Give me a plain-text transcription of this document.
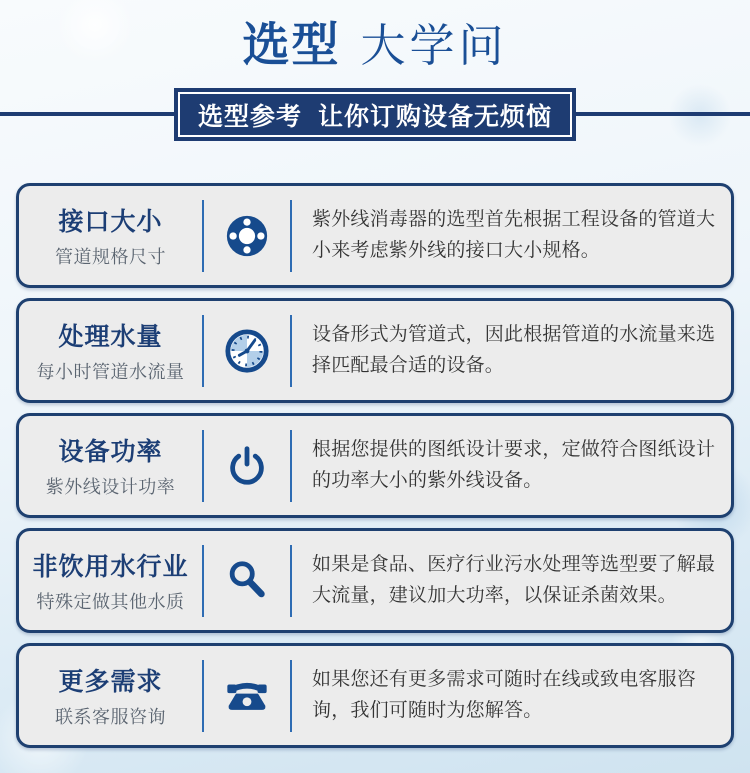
选型 大学问
选型参考  让你订购设备无烦恼
接口大小
管道规格尺寸

紫外线消毒器的选型首先根据工程设备的管道大小来考虑紫外线的接口大小规格。

处理水量
每小时管道水流量

设备形式为管道式，因此根据管道的水流量来选择匹配最合适的设备。

设备功率
紫外线设计功率

根据您提供的图纸设计要求，定做符合图纸设计的功率大小的紫外线设备。

非饮用水行业
特殊定做其他水质

如果是食品、医疗行业污水处理等选型要了解最大流量，建议加大功率，以保证杀菌效果。

更多需求
联系客服咨询

如果您还有更多需求可随时在线或致电客服咨询，我们可随时为您解答。
